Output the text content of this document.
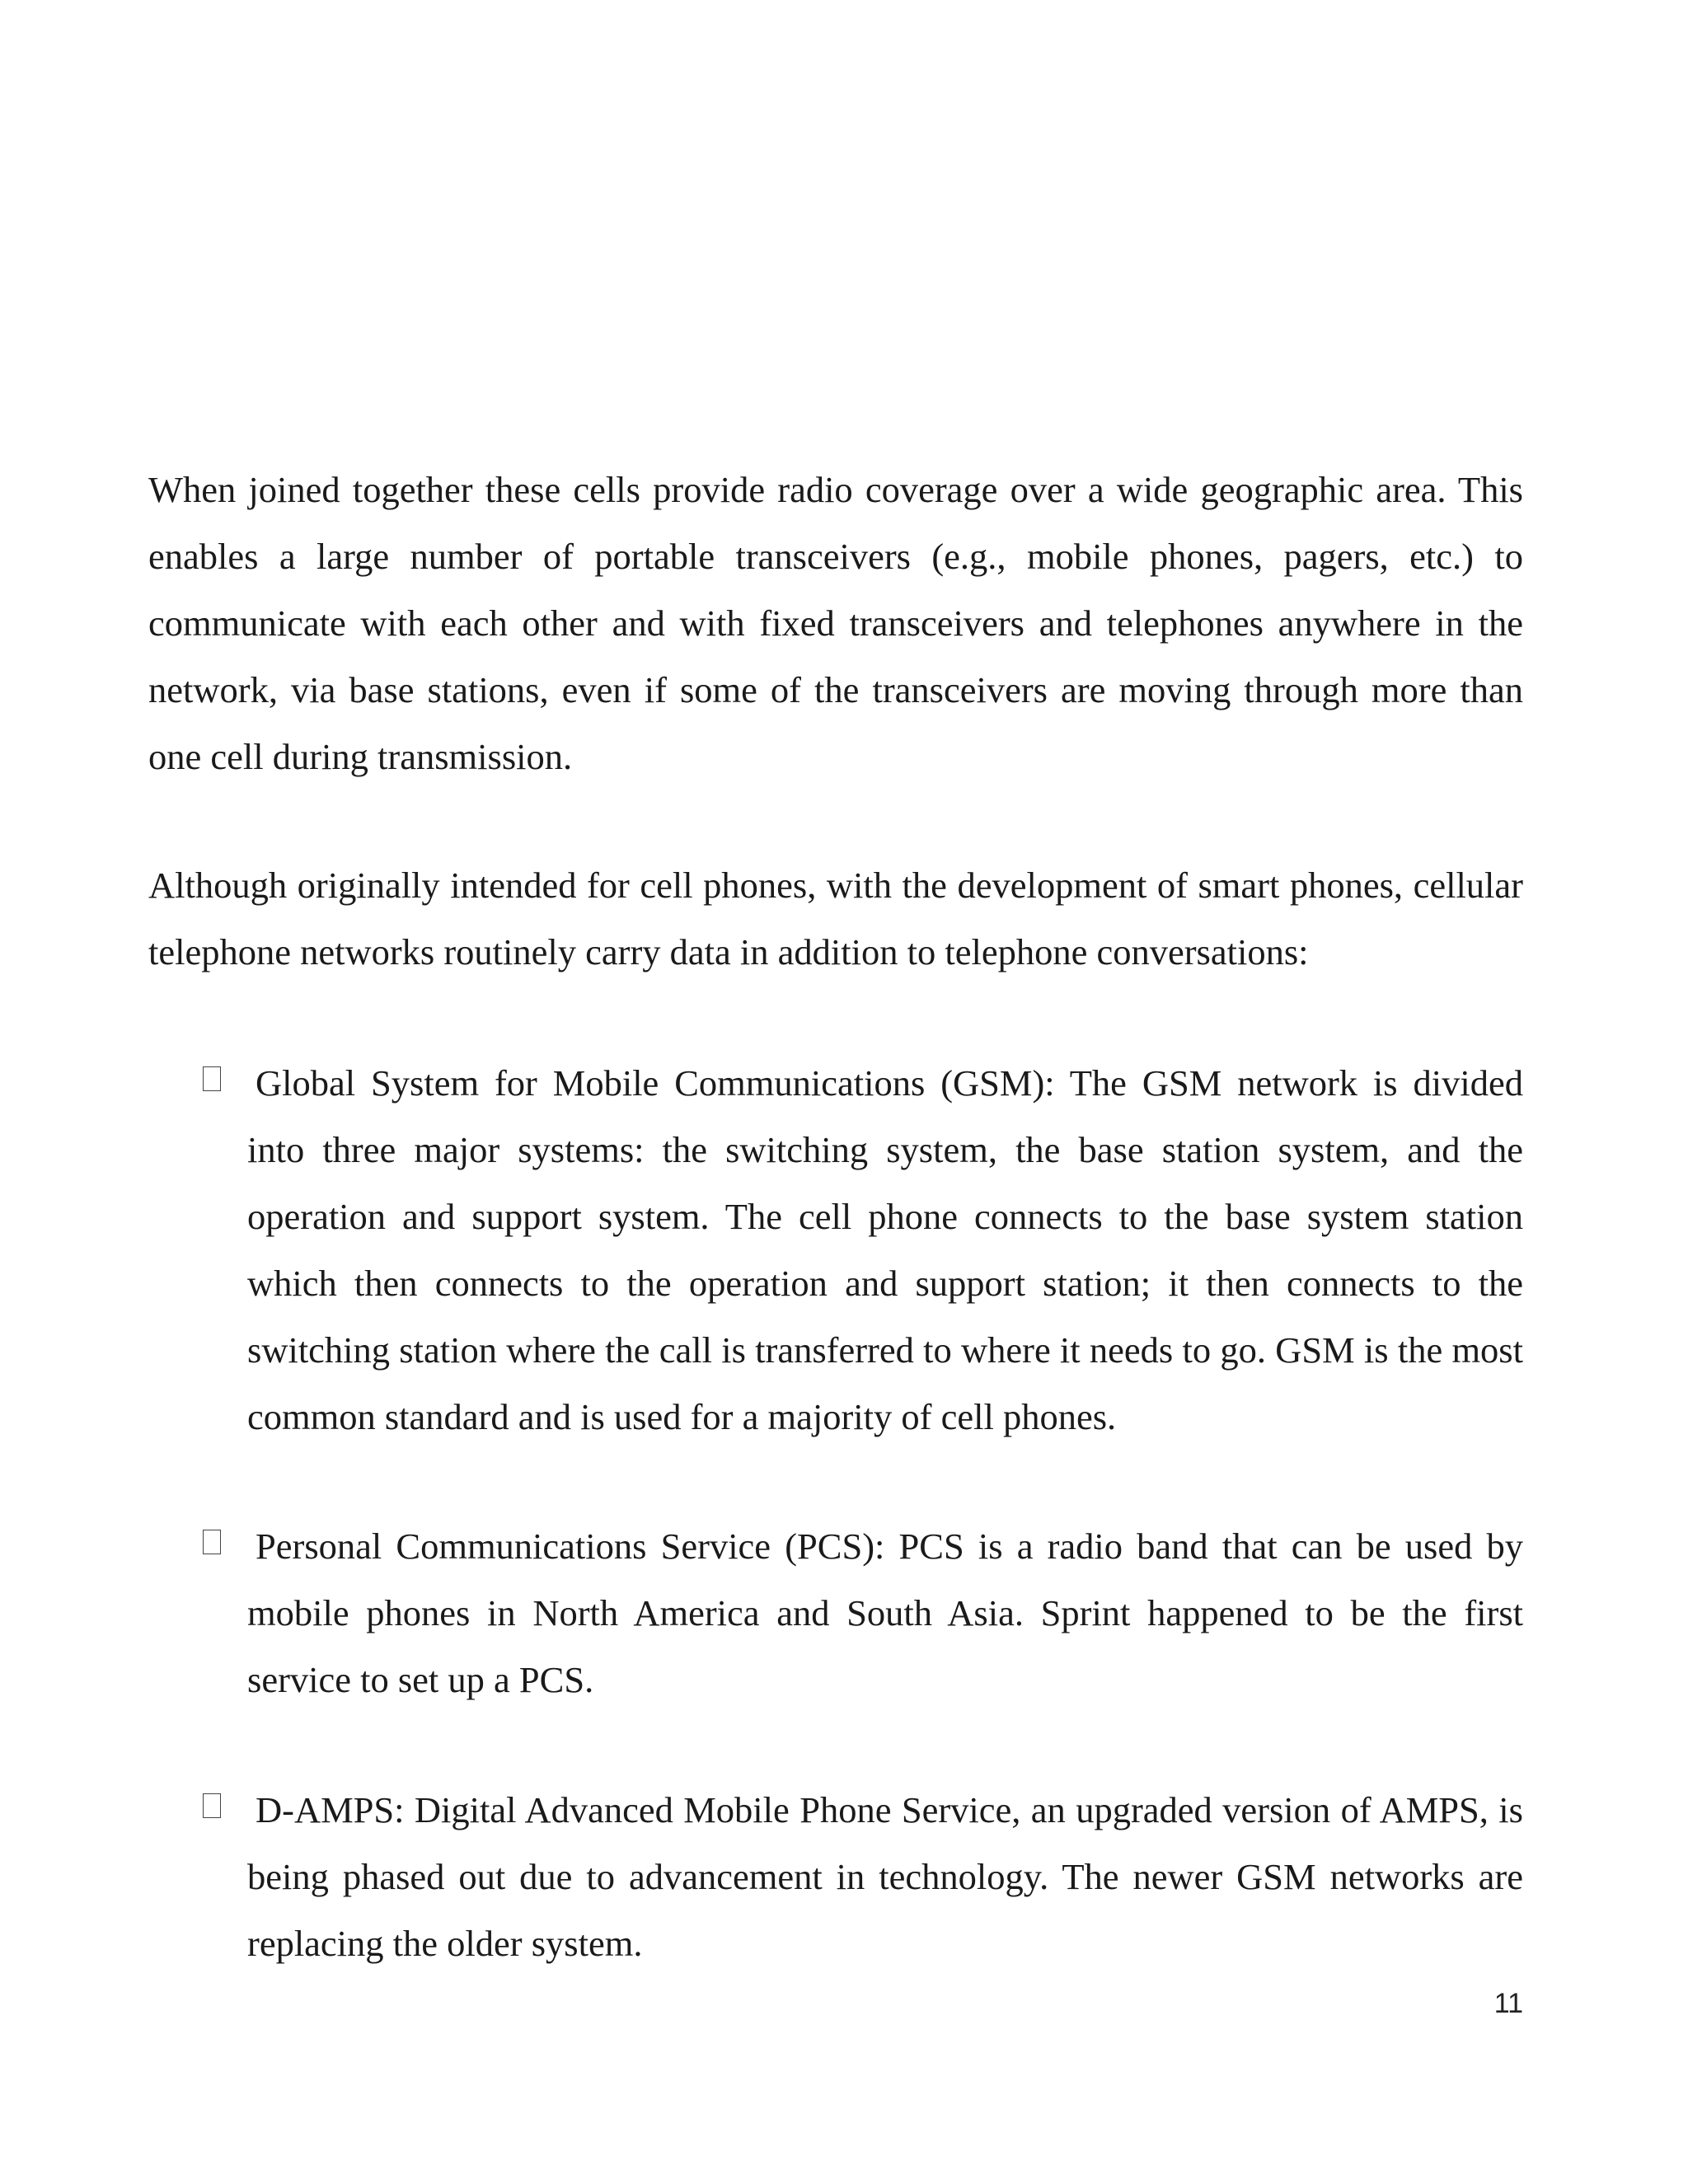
When joined together these cells provide radio coverage over a wide geographic area. This enables a large number of portable transceivers (e.g., mobile phones, pagers, etc.) to communicate with each other and with fixed transceivers and telephones anywhere in the network, via base stations, even if some of the transceivers are moving through more than one cell during transmission.

Although originally intended for cell phones, with the development of smart phones, cellular telephone networks routinely carry data in addition to telephone conversations:

Global System for Mobile Communications (GSM): The GSM network is divided into three major systems: the switching system, the base station system, and the operation and support system. The cell phone connects to the base system station which then connects to the operation and support station; it then connects to the switching station where the call is transferred to where it needs to go. GSM is the most common standard and is used for a majority of cell phones.

Personal Communications Service (PCS): PCS is a radio band that can be used by mobile phones in North America and South Asia. Sprint happened to be the first service to set up a PCS.

D-AMPS: Digital Advanced Mobile Phone Service, an upgraded version of AMPS, is being phased out due to advancement in technology. The newer GSM networks are replacing the older system.

11
